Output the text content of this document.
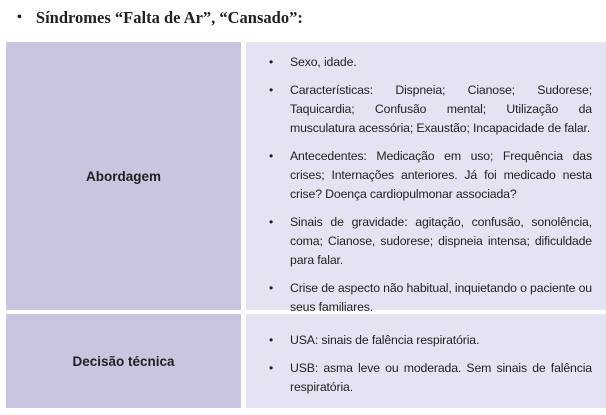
• Síndromes “Falta de Ar”, “Cansado”:
Abordagem
• Sexo, idade.
• Características: Dispneia; Cianose; Sudorese; Taquicardia; Confusão mental; Utilização da musculatura acessória; Exaustão; Incapacidade de falar.
• Antecedentes: Medicação em uso; Frequência das crises; Internações anteriores. Já foi medicado nesta crise? Doença cardiopulmonar associada?
• Sinais de gravidade: agitação, confusão, sonolência, coma; Cianose, sudorese; dispneia intensa; dificuldade para falar.
• Crise de aspecto não habitual, inquietando o paciente ou seus familiares.
Decisão técnica
• USA: sinais de falência respiratória.
• USB: asma leve ou moderada. Sem sinais de falência respiratória.
